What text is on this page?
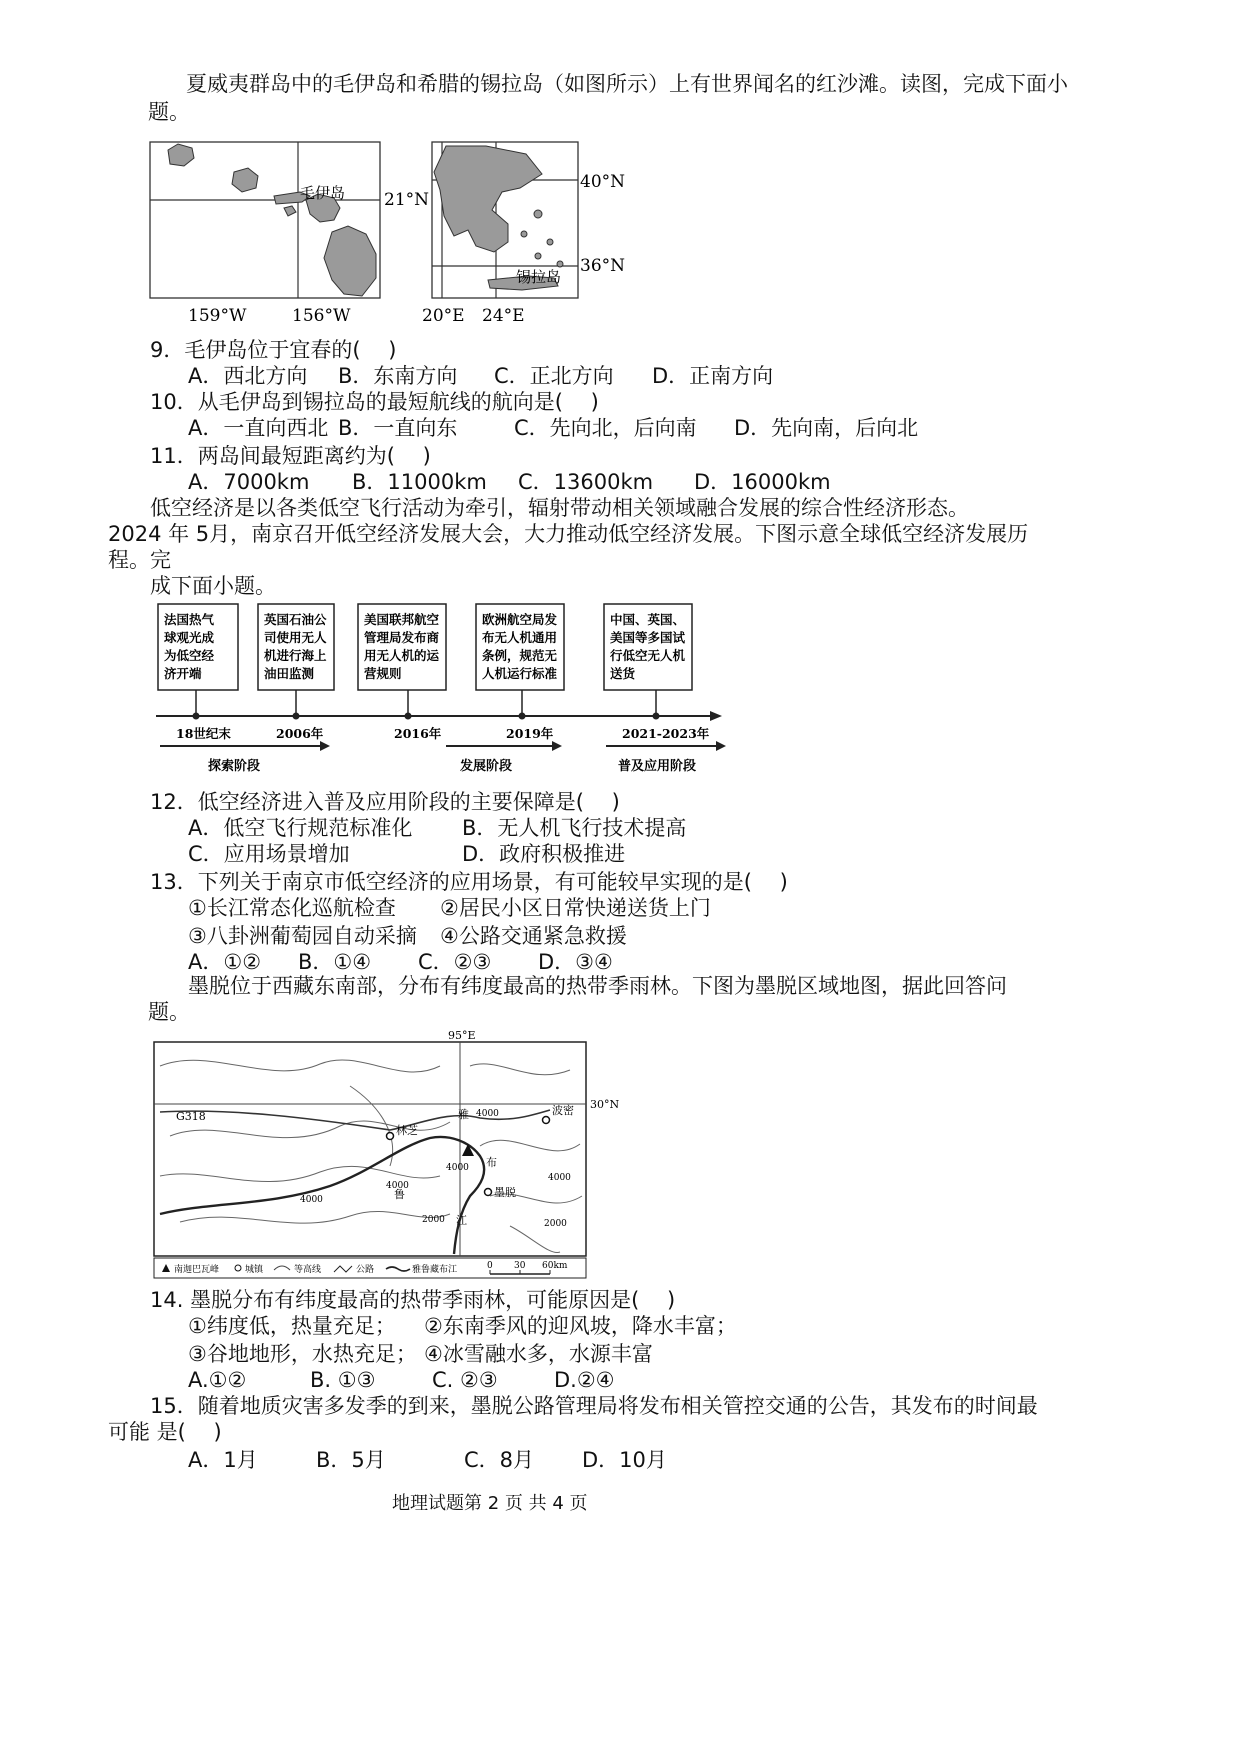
夏威夷群岛中的毛伊岛和希腊的锡拉岛（如图所示）上有世界闻名的红沙滩。读图，完成下面小
题。
毛伊岛 21°N
159°W	156°W
锡拉岛
40°N
36°N
20°E 24°E
9．毛伊岛位于宜春的(　 )
A．西北方向 B．东南方向 C．正北方向 D．正南方向
10．从毛伊岛到锡拉岛的最短航线的航向是(　 )
A．一直向西北 B．一直向东	C．先向北，后向南 D．先向南，后向北
11．两岛间最短距离约为(　 )
A．7000km B．11000km C．13600km D．16000km
低空经济是以各类低空飞行活动为牵引，辐射带动相关领域融合发展的综合性经济形态。
2024 年 5月，南京召开低空经济发展大会，大力推动低空经济发展。下图示意全球低空经济发展历
程。完
成下面小题。
法国热气
球观光成
为低空经
济开端
英国石油公
司使用无人
机进行海上
油田监测
美国联邦航空
管理局发布商
用无人机的运
营规则
欧洲航空局发
布无人机通用
条例，规范无
人机运行标准
中国、英国、
美国等多国试
行低空无人机
送货
18世纪末	2006年	2016年	2019年	2021-2023年
探索阶段	发展阶段	普及应用阶段
12．低空经济进入普及应用阶段的主要保障是(　 )
A．低空飞行规范标准化 B．无人机飞行技术提高
C．应用场景增加	D．政府积极推进
13．下列关于南京市低空经济的应用场景，有可能较早实现的是(　 )
①长江常态化巡航检查 ②居民小区日常快递送货上门
③八卦洲葡萄园自动采摘 ④公路交通紧急救援
A．①② B．①④ C．②③ D．③④
墨脱位于西藏东南部，分布有纬度最高的热带季雨林。下图为墨脱区域地图，据此回答问
题。
95°E
30°N
G318
林芝
波密
墨脱
雅
布
鲁
江
4000
4000
4000
4000
2000	2000
4000
南迦巴瓦峰	城镇	等高线	公路	雅鲁藏布江	0 30 60km
14. 墨脱分布有纬度最高的热带季雨林，可能原因是(　 )
①纬度低，热量充足； ②东南季风的迎风坡，降水丰富；
③谷地地形，水热充足； ④冰雪融水多，水源丰富
A.①②	B. ①③	C. ②③	D.②④
15．随着地质灾害多发季的到来，墨脱公路管理局将发布相关管控交通的公告，其发布的时间最
可能 是(　 )
A．1月	B．5月	C．8月 D．10月
地理试题第 2 页 共 4 页
